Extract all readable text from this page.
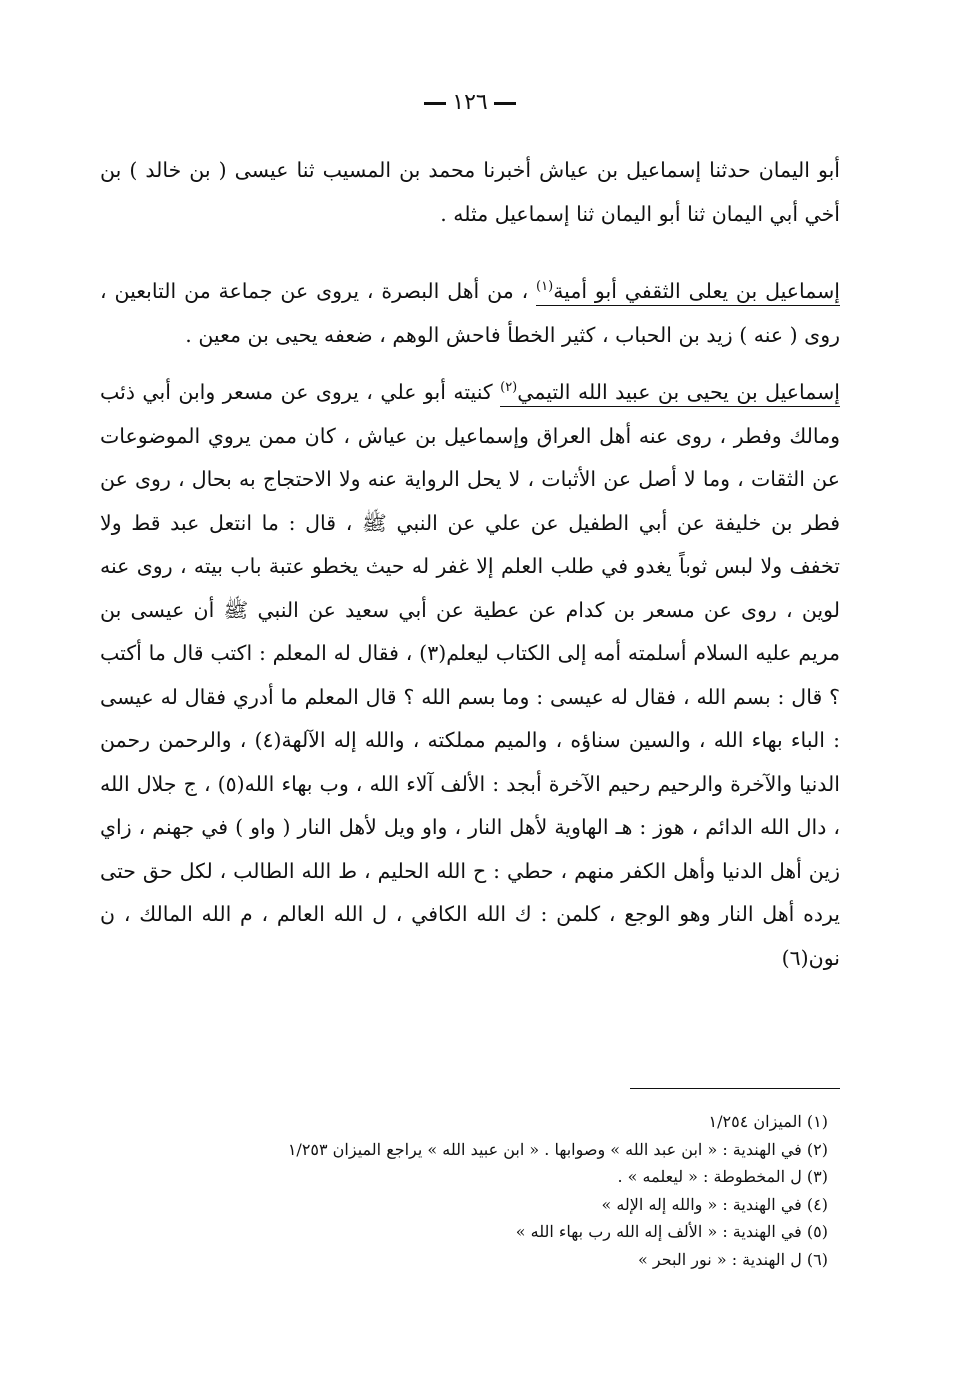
١٢٦

أبو اليمان حدثنا إسماعيل بن عياش أخبرنا محمد بن المسيب ثنا عيسى ( بن خالد ) بن أخي أبي اليمان ثنا أبو اليمان ثنا إسماعيل مثله .

إسماعيل بن يعلى الثقفي أبو أمية$^{(١)}$ ، من أهل البصرة ، يروى عن جماعة من التابعين ، روى ( عنه ) زيد بن الحباب ، كثير الخطأ فاحش الوهم ، ضعفه يحيى بن معين .

إسماعيل بن يحيى بن عبيد الله التيمي$^{(٢)}$ كنيته أبو علي ، يروى عن مسعر وابن أبي ذئب ومالك وفطر ، روى عنه أهل العراق وإسماعيل بن عياش ، كان ممن يروي الموضوعات عن الثقات ، وما لا أصل عن الأثبات ، لا يحل الرواية عنه ولا الاحتجاج به بحال ، روى عن فطر بن خليفة عن أبي الطفيل عن علي عن النبي ﷺ ، قال : ما انتعل عبد قط ولا تخفف ولا لبس ثوباً يغدو في طلب العلم إلا غفر له حيث يخطو عتبة باب بيته ، روى عنه لوين ، روى عن مسعر بن كدام عن عطية عن أبي سعيد عن النبي ﷺ أن عيسى بن مريم عليه السلام أسلمته أمه إلى الكتاب ليعلم(٣) ، فقال له المعلم : اكتب قال ما أكتب ؟ قال : بسم الله ، فقال له عيسى : وما بسم الله ؟ قال المعلم ما أدري فقال له عيسى : الباء بهاء الله ، والسين سناؤه ، والميم مملكته ، والله إله الآلهة(٤) ، والرحمن رحمن الدنيا والآخرة والرحيم رحيم الآخرة أبجد : الألف آلاء الله ، وب بهاء الله(٥) ، ج جلال الله ، دال الله الدائم ، هوز : هـ الهاوية لأهل النار ، واو ويل لأهل النار ( واو ) في جهنم ، زاي زين أهل الدنيا وأهل الكفر منهم ، حطي : ح الله الحليم ، ط الله الطالب ، لكل حق حتى يرده أهل النار وهو الوجع ، كلمن : ك الله الكافي ، ل الله العالم ، م الله المالك ، ن نون(٦)

(١) الميزان ١/٢٥٤
(٢) في الهندية : « ابن عبد الله » وصوابها . « ابن عبيد الله » يراجع الميزان ١/٢٥٣
(٣) ل المخطوطة : « ليعلمه » .
(٤) في الهندية : « والله إله الإله »
(٥) في الهندية : « الألف إله الله رب بهاء الله »
(٦) ل الهندية : « نور البحر »
